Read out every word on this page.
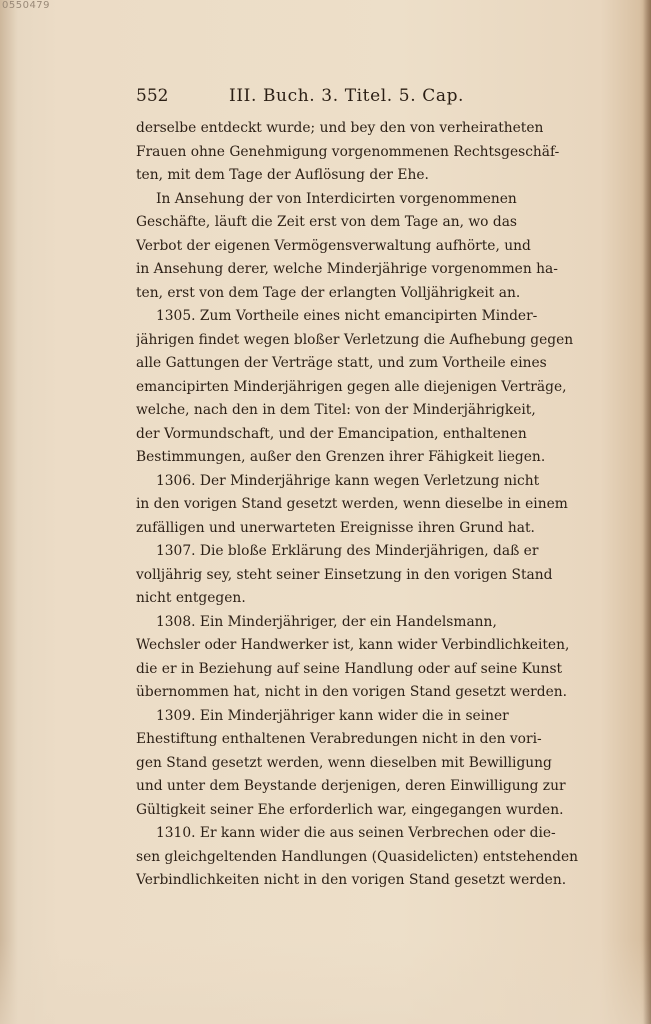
0550479
552	III. Buch. 3. Titel. 5. Cap.
derselbe entdeckt wurde; und bey den von verheiratheten
Frauen ohne Genehmigung vorgenommenen Rechtsgeschäf-
ten, mit dem Tage der Auflösung der Ehe.
In Ansehung der von Interdicirten vorgenommenen
Geschäfte, läuft die Zeit erst von dem Tage an, wo das
Verbot der eigenen Vermögensverwaltung aufhörte, und
in Ansehung derer, welche Minderjährige vorgenommen ha-
ten, erst von dem Tage der erlangten Volljährigkeit an.
1305. Zum Vortheile eines nicht emancipirten Minder-
jährigen findet wegen bloßer Verletzung die Aufhebung gegen
alle Gattungen der Verträge statt, und zum Vortheile eines
emancipirten Minderjährigen gegen alle diejenigen Verträge,
welche, nach den in dem Titel: von der Minderjährigkeit,
der Vormundschaft, und der Emancipation, enthaltenen
Bestimmungen, außer den Grenzen ihrer Fähigkeit liegen.
1306. Der Minderjährige kann wegen Verletzung nicht
in den vorigen Stand gesetzt werden, wenn dieselbe in einem
zufälligen und unerwarteten Ereignisse ihren Grund hat.
1307. Die bloße Erklärung des Minderjährigen, daß er
volljährig sey, steht seiner Einsetzung in den vorigen Stand
nicht entgegen.
1308. Ein Minderjähriger, der ein Handelsmann,
Wechsler oder Handwerker ist, kann wider Verbindlichkeiten,
die er in Beziehung auf seine Handlung oder auf seine Kunst
übernommen hat, nicht in den vorigen Stand gesetzt werden.
1309. Ein Minderjähriger kann wider die in seiner
Ehestiftung enthaltenen Verabredungen nicht in den vori-
gen Stand gesetzt werden, wenn dieselben mit Bewilligung
und unter dem Beystande derjenigen, deren Einwilligung zur
Gültigkeit seiner Ehe erforderlich war, eingegangen wurden.
1310. Er kann wider die aus seinen Verbrechen oder die-
sen gleichgeltenden Handlungen (Quasidelicten) entstehenden
Verbindlichkeiten nicht in den vorigen Stand gesetzt werden.
